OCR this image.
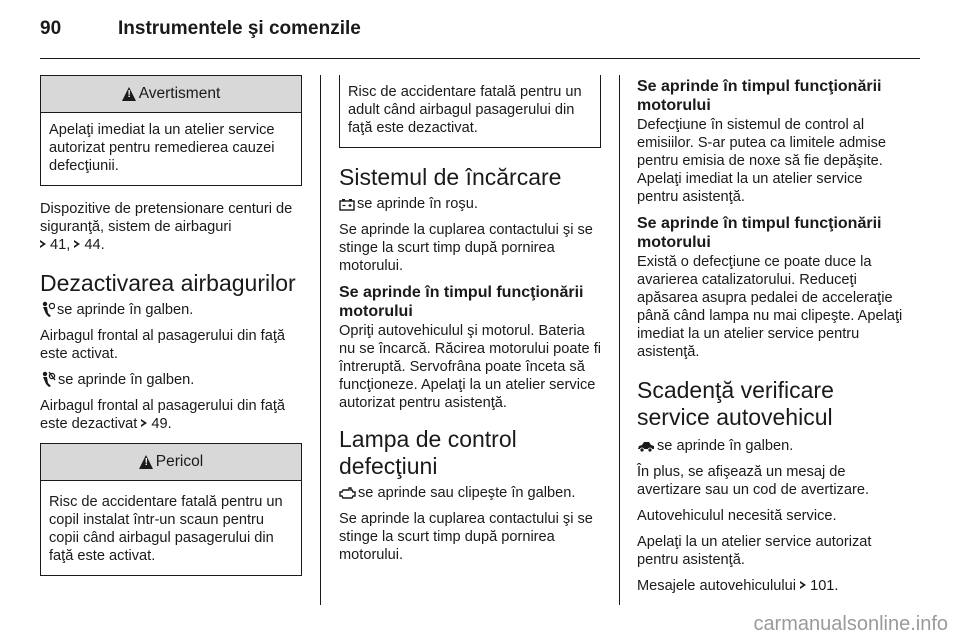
90	Instrumentele şi comenzile
!
Avertisment
Apelaţi imediat la un atelier service autorizat pentru remedierea cauzei defecţiunii.

Dispozitive de pretensionare centuri de siguranţă, sistem de airbaguri
41, 44.

Dezactivarea airbagurilor

se aprinde în galben.

Airbagul frontal al pasagerului din faţă este activat.

se aprinde în galben.

Airbagul frontal al pasagerului din faţă este dezactivat 49.

!
Pericol
Risc de accidentare fatală pentru un copil instalat într-un scaun pentru copii când airbagul pasagerului din faţă este activat.
Risc de accidentare fatală pentru un adult când airbagul pasagerului din faţă este dezactivat.
Sistemul de încărcare

se aprinde în roşu.

Se aprinde la cuplarea contactului şi se stinge la scurt timp după pornirea motorului.

Se aprinde în timpul funcţionării motorului

Opriţi autovehiculul şi motorul. Bateria nu se încarcă. Răcirea motorului poate fi întreruptă. Servofrâna poate înceta să funcţioneze. Apelaţi la un atelier service autorizat pentru asistenţă.

Lampa de control defecţiuni

se aprinde sau clipeşte în galben.

Se aprinde la cuplarea contactului şi se stinge la scurt timp după pornirea motorului.

Se aprinde în timpul funcţionării motorului

Defecţiune în sistemul de control al emisiilor. S-ar putea ca limitele admise pentru emisia de noxe să fie depăşite. Apelaţi imediat la un atelier service pentru asistenţă.

Se aprinde în timpul funcţionării motorului

Există o defecţiune ce poate duce la avarierea catalizatorului. Reduceţi apăsarea asupra pedalei de acceleraţie până când lampa nu mai clipeşte. Apelaţi imediat la un atelier service pentru asistenţă.

Scadenţă verificare service autovehicul

se aprinde în galben.

În plus, se afişează un mesaj de avertizare sau un cod de avertizare.

Autovehiculul necesită service.

Apelaţi la un atelier service autorizat pentru asistenţă.

Mesajele autovehiculului 101.

carmanualsonline.info
